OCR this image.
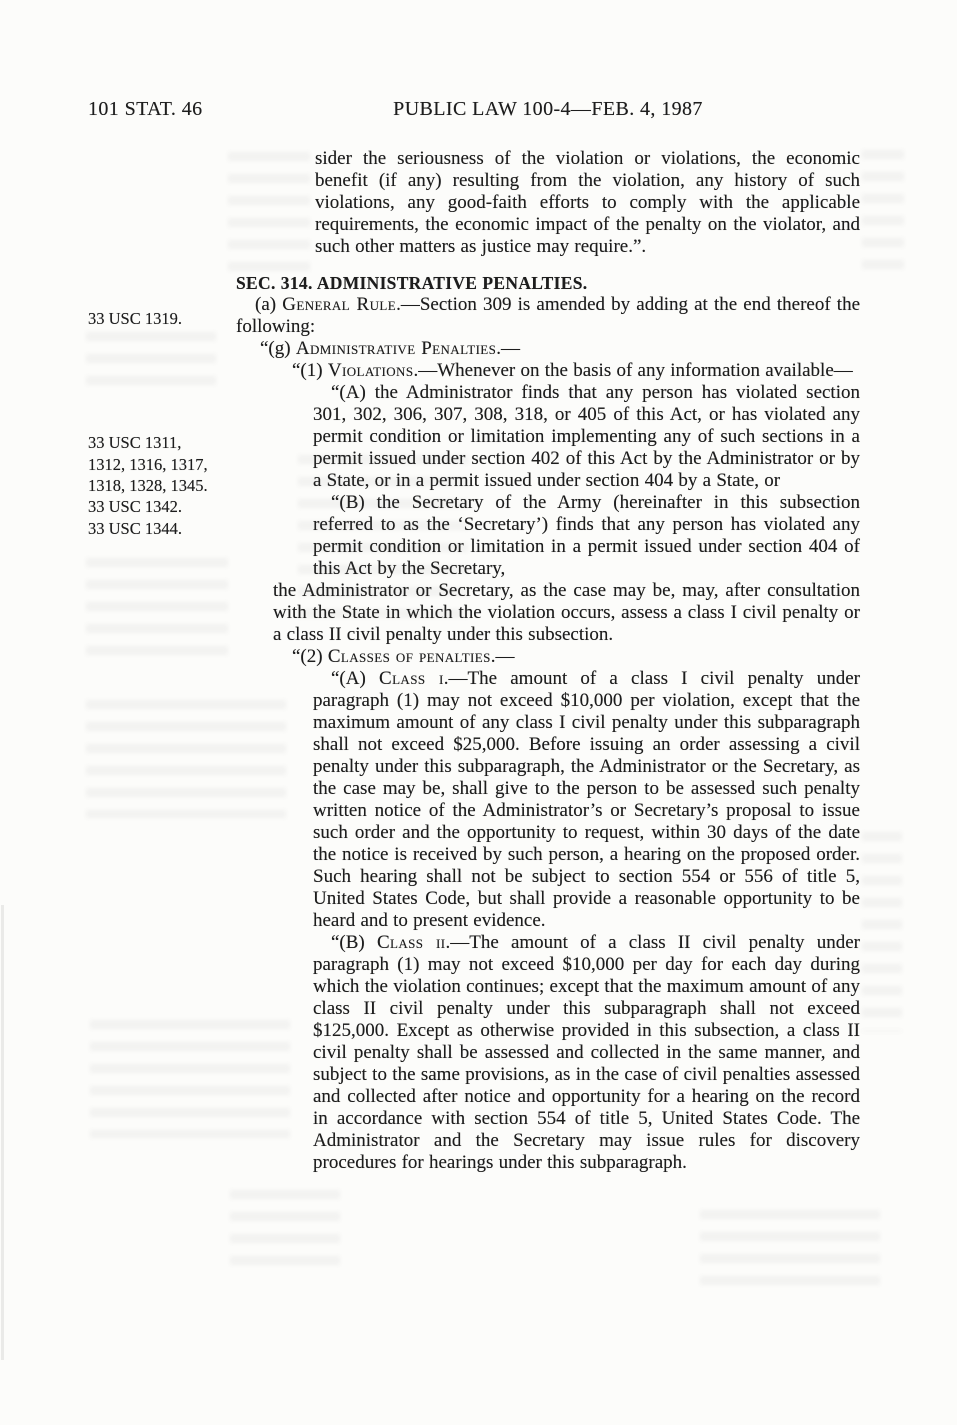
101 STAT. 46	PUBLIC LAW 100-4—FEB. 4, 1987
33 USC 1319.
33 USC 1311,
1312, 1316, 1317,
1318, 1328, 1345.
33 USC 1342.
33 USC 1344.

sider the seriousness of the violation or violations, the economic benefit (if any) resulting from the violation, any history of such violations, any good-faith efforts to comply with the applicable requirements, the economic impact of the penalty on the violator, and such other matters as justice may require.”.

SEC. 314. ADMINISTRATIVE PENALTIES.

(a) General Rule.—Section 309 is amended by adding at the end thereof the following:

“(g) Administrative Penalties.—

“(1) Violations.—Whenever on the basis of any information available—

“(A) the Administrator finds that any person has violated section 301, 302, 306, 307, 308, 318, or 405 of this Act, or has violated any permit condition or limitation implementing any of such sections in a permit issued under section 402 of this Act by the Administrator or by a State, or in a permit issued under section 404 by a State, or

“(B) the Secretary of the Army (hereinafter in this subsection referred to as the ‘Secretary’) finds that any person has violated any permit condition or limitation in a permit issued under section 404 of this Act by the Secretary,

the Administrator or Secretary, as the case may be, may, after consultation with the State in which the violation occurs, assess a class I civil penalty or a class II civil penalty under this subsection.

“(2) Classes of penalties.—

“(A) Class i.—The amount of a class I civil penalty under paragraph (1) may not exceed $10,000 per violation, except that the maximum amount of any class I civil penalty under this subparagraph shall not exceed $25,000. Before issuing an order assessing a civil penalty under this subparagraph, the Administrator or the Secretary, as the case may be, shall give to the person to be assessed such penalty written notice of the Administrator’s or Secretary’s proposal to issue such order and the opportunity to request, within 30 days of the date the notice is received by such person, a hearing on the proposed order. Such hearing shall not be subject to section 554 or 556 of title 5, United States Code, but shall provide a reasonable opportunity to be heard and to present evidence.

“(B) Class ii.—The amount of a class II civil penalty under paragraph (1) may not exceed $10,000 per day for each day during which the violation continues; except that the maximum amount of any class II civil penalty under this subparagraph shall not exceed $125,000. Except as otherwise provided in this subsection, a class II civil penalty shall be assessed and collected in the same manner, and subject to the same provisions, as in the case of civil penalties assessed and collected after notice and opportunity for a hearing on the record in accordance with section 554 of title 5, United States Code. The Administrator and the Secretary may issue rules for discovery procedures for hearings under this subparagraph.
